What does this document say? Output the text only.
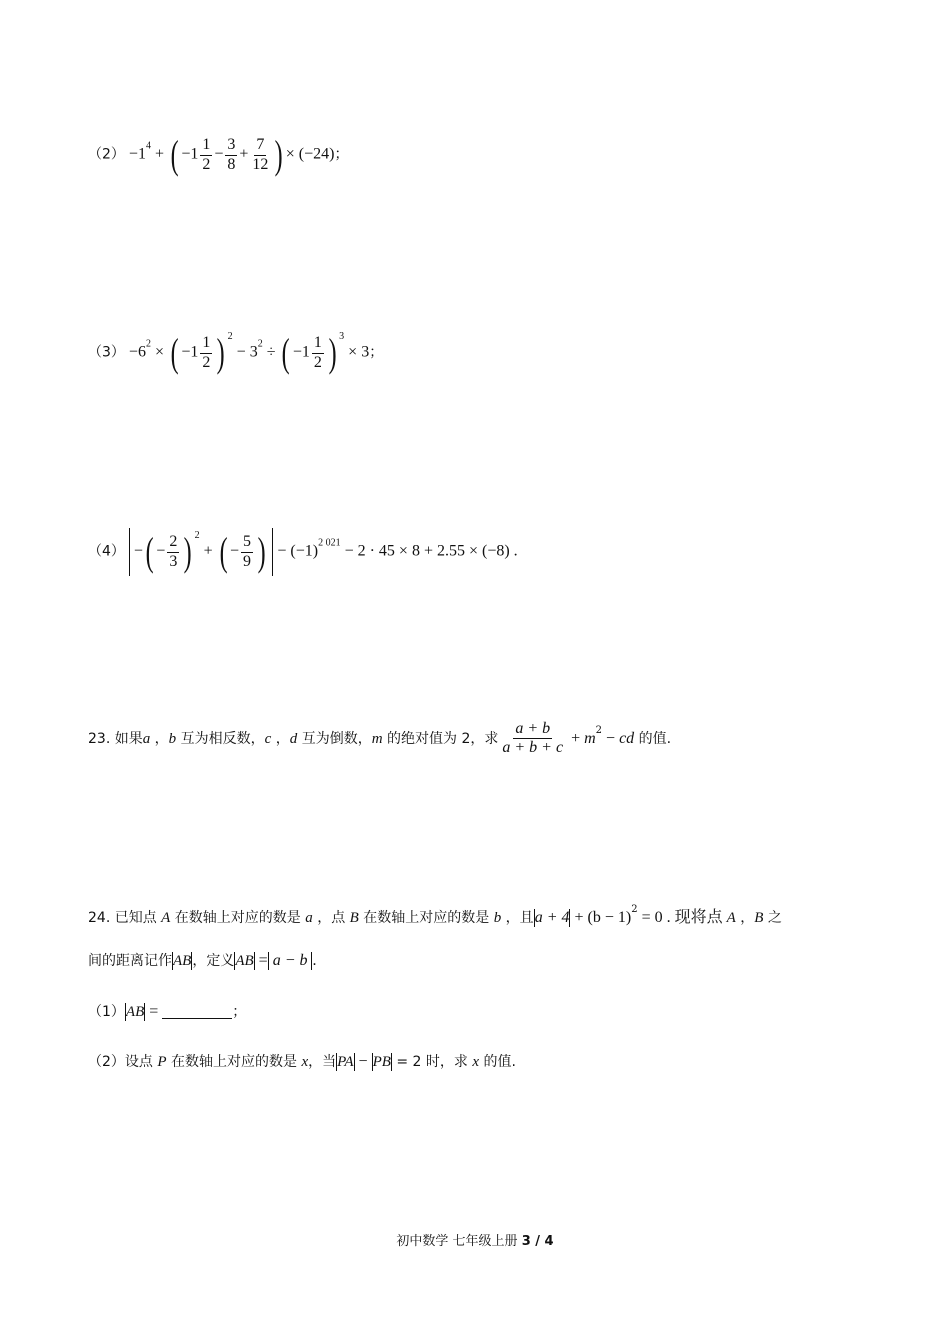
$(2) -1^4$ + ( $-1 \frac{1}{2} - \frac{3}{8} + \frac{7}{12}$ ) × (−24)；
$(3) -6^2$ × ( $-1 \frac{1}{2}$ ) $^2 - 3^2$ ÷ ( $-1 \frac{1}{2}$ ) $^3$ × 3；
（4） −( − $\frac{2}{3}$ ) $^2$ + ( − $\frac{5}{9}$ )  − $(-1)^{2 021} - 2 \cdot 45 \times 8 + 2.55 \times (-8)$ .
23. 如果a ，b 互为相反数，c ，d 互为倒数，m 的绝对值为 2，求 $\frac{a + b}{a + b + c} + m^2$ − cd 的值.
24. 已知点 A 在数轴上对应的数是 a ，点 B 在数轴上对应的数是 b ，且$a + 4 + (b - 1)^2 = 0$ . 现将点 A ，B 之
间的距离记作AB，定义AB = a − b .
（1）AB =	；
（2）设点 P 在数轴上对应的数是 x，当PA − PB = 2 时，求 x 的值.
初中数学 七年级上册 3 / 4
